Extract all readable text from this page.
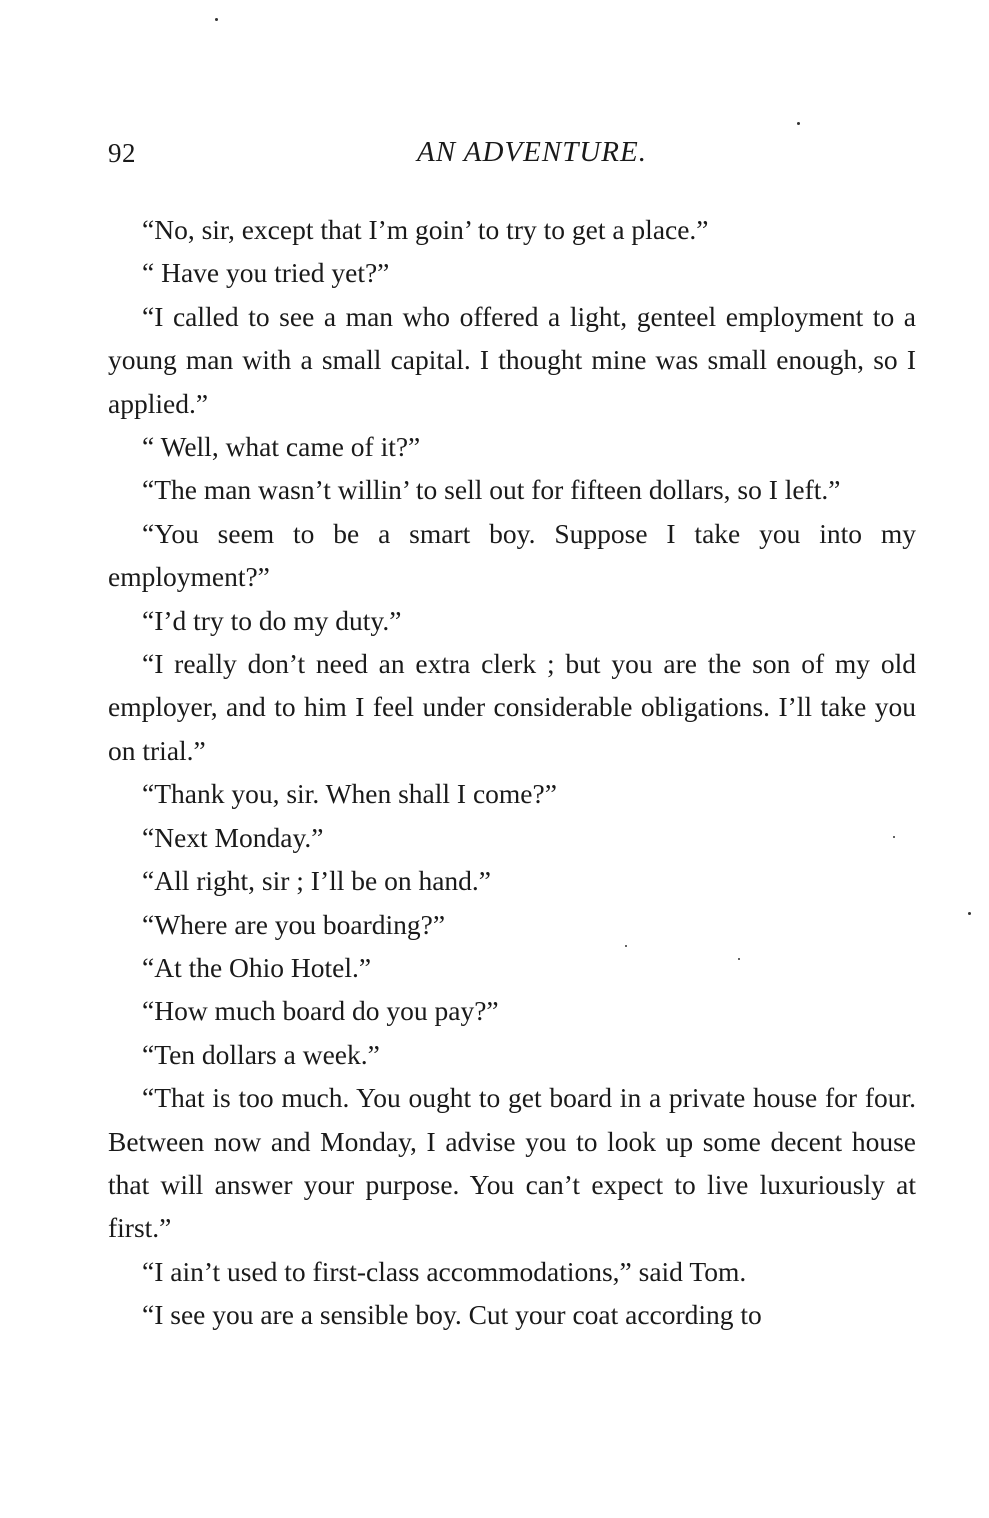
92	AN ADVENTURE.

“No, sir, except that I’m goin’ to try to get a place.”

“ Have you tried yet?”

“I called to see a man who offered a light, genteel employment to a young man with a small capital. I thought mine was small enough, so I applied.”

“ Well, what came of it?”

“The man wasn’t willin’ to sell out for fifteen dollars, so I left.”

“You seem to be a smart boy. Suppose I take you into my employment?”

“I’d try to do my duty.”

“I really don’t need an extra clerk ; but you are the son of my old employer, and to him I feel under considerable obligations. I’ll take you on trial.”

“Thank you, sir. When shall I come?”

“Next Monday.”

“All right, sir ; I’ll be on hand.”

“Where are you boarding?”

“At the Ohio Hotel.”

“How much board do you pay?”

“Ten dollars a week.”

“That is too much. You ought to get board in a private house for four. Between now and Monday, I advise you to look up some decent house that will answer your purpose. You can’t expect to live luxuriously at first.”

“I ain’t used to first-class accommodations,” said Tom.

“I see you are a sensible boy. Cut your coat according to
